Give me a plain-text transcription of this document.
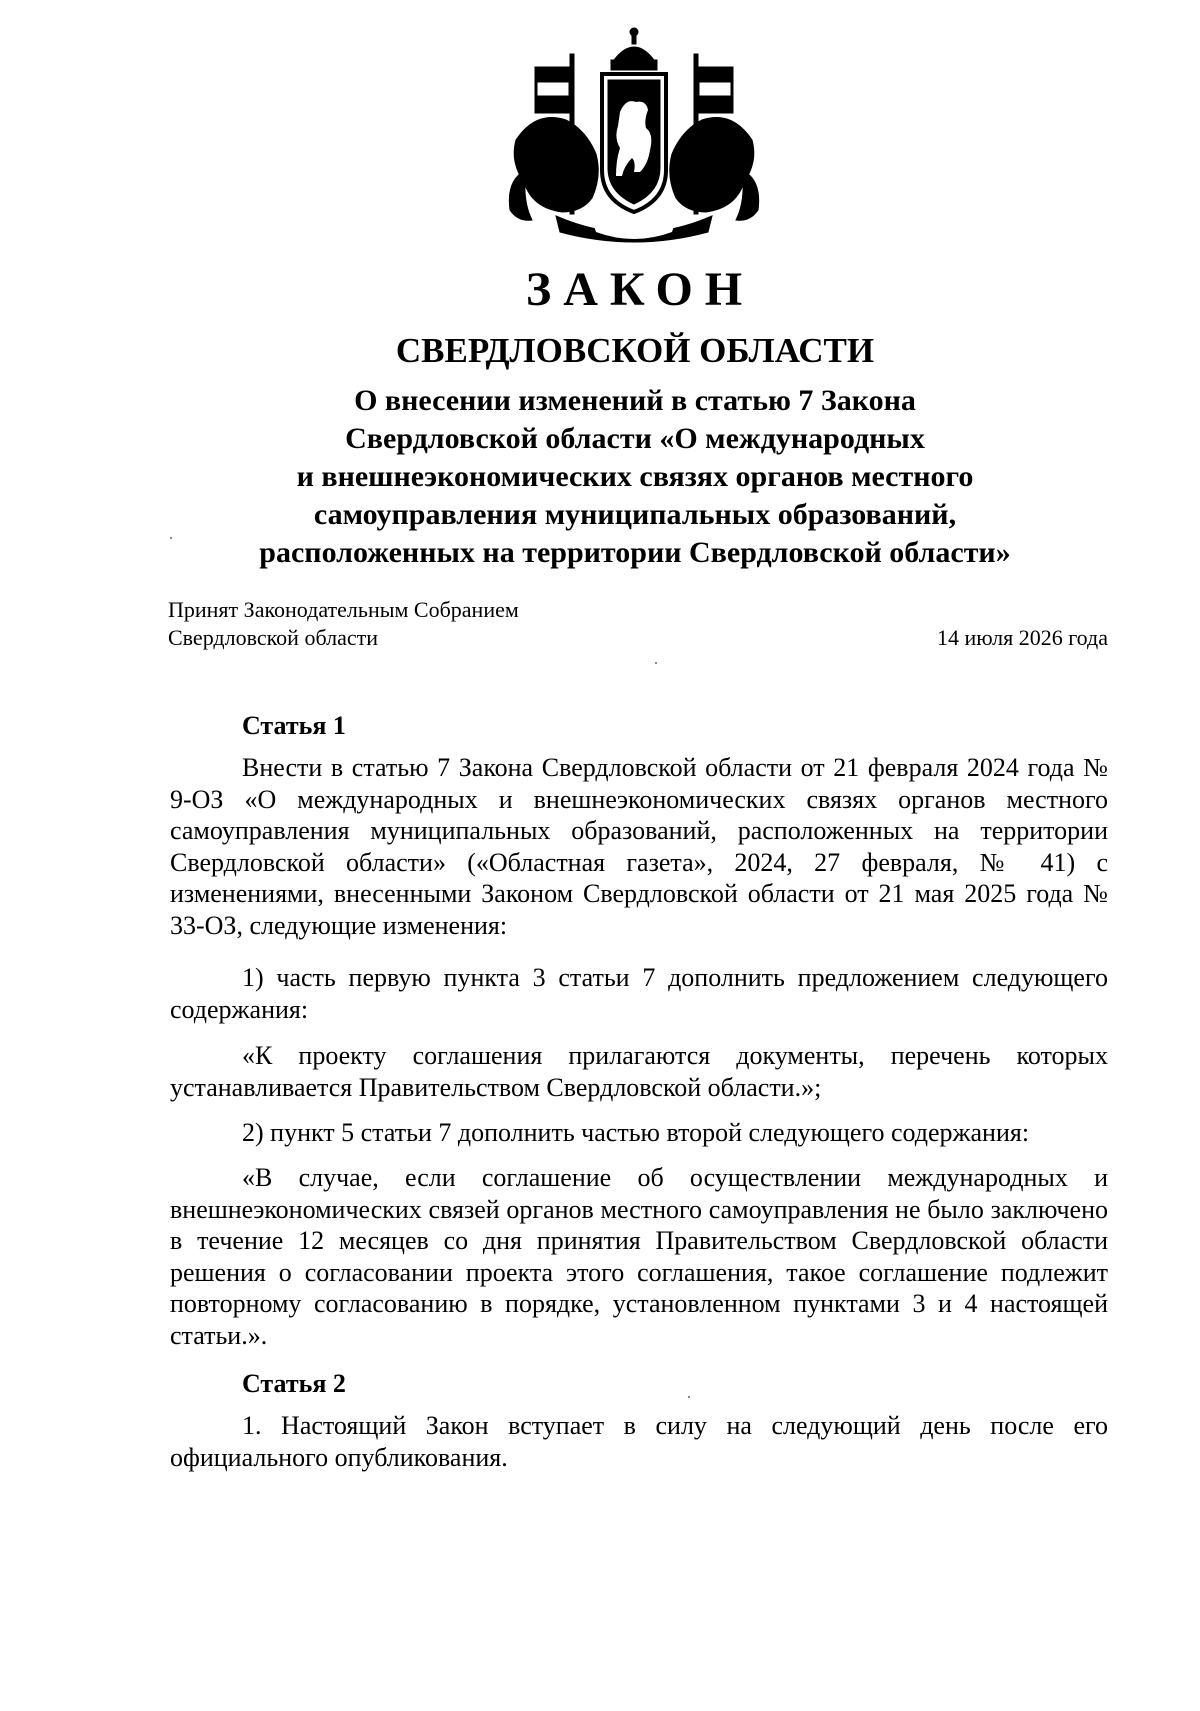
ЗАКОН
СВЕРДЛОВСКОЙ ОБЛАСТИ
О внесении изменений в статью 7 Закона
Свердловской области «О международных
и внешнеэкономических связях органов местного
самоуправления муниципальных образований,
расположенных на территории Свердловской области»
Принят Законодательным Собранием
Свердловской области	14 июля 2026 года
Статья 1
Внести в статью 7 Закона Свердловской области от 21 февраля 2024 года № 9-ОЗ «О международных и внешнеэкономических связях органов местного самоуправления муниципальных образований, расположенных на территории Свердловской области» («Областная газета», 2024, 27 февраля, № 41) с изменениями, внесенными Законом Свердловской области от 21 мая 2025 года № 33-ОЗ, следующие изменения:
1) часть первую пункта 3 статьи 7 дополнить предложением следующего содержания:
«К проекту соглашения прилагаются документы, перечень которых устанавливается Правительством Свердловской области.»;
2) пункт 5 статьи 7 дополнить частью второй следующего содержания:
«В случае, если соглашение об осуществлении международных и внешнеэкономических связей органов местного самоуправления не было заключено в течение 12 месяцев со дня принятия Правительством Свердловской области решения о согласовании проекта этого соглашения, такое соглашение подлежит повторному согласованию в порядке, установленном пунктами 3 и 4 настоящей статьи.».
Статья 2
1. Настоящий Закон вступает в силу на следующий день после его официального опубликования.
